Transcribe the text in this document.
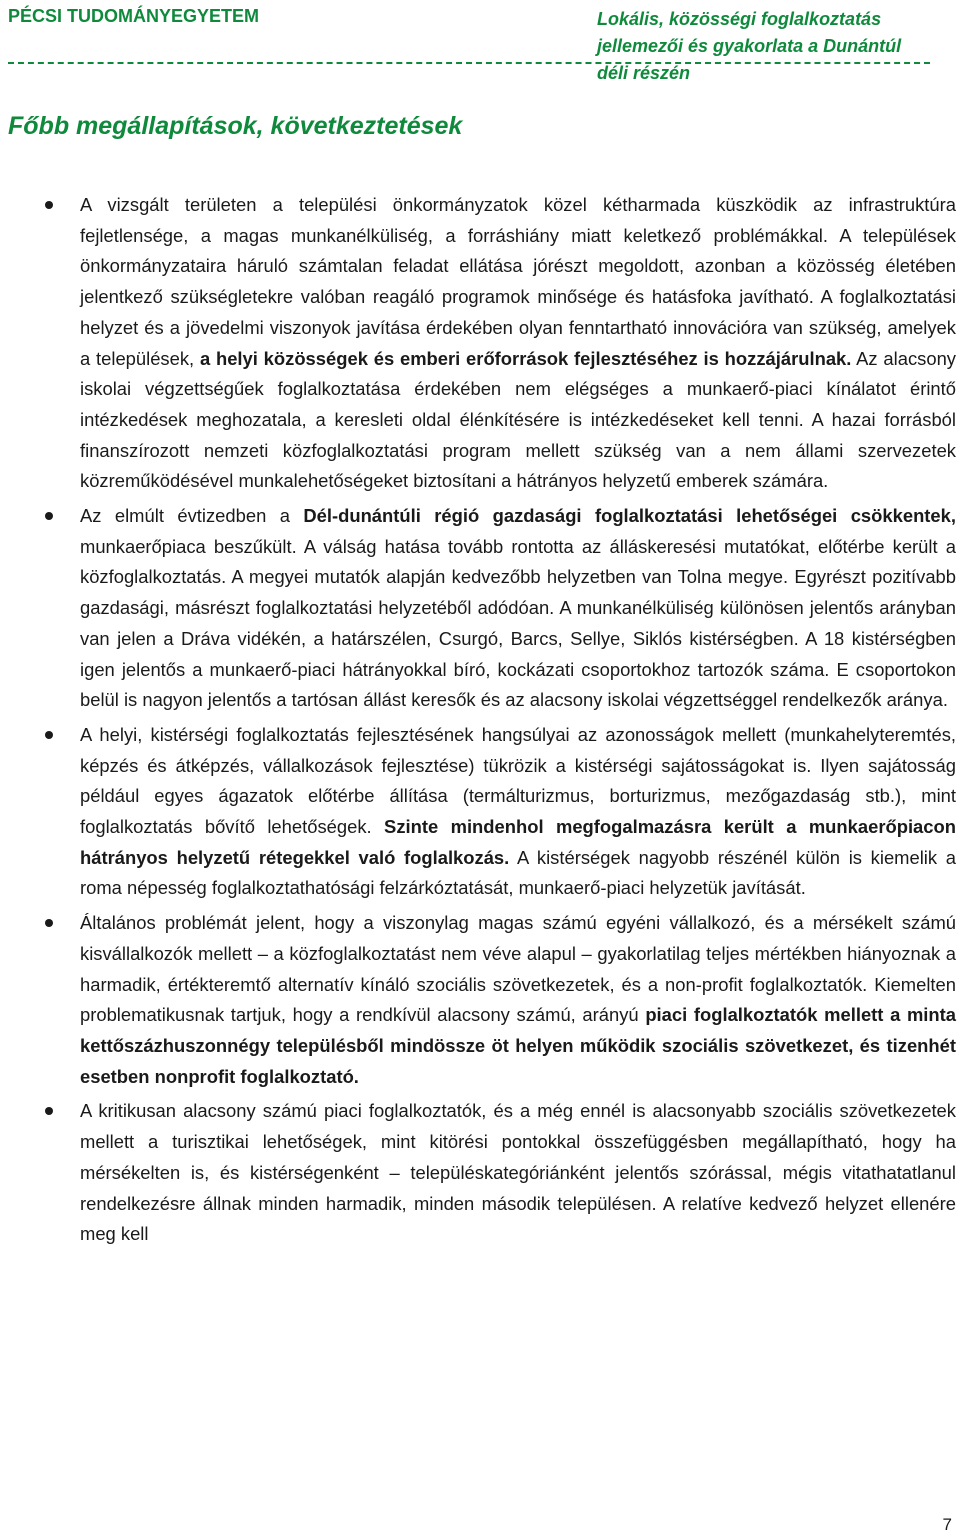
PÉCSI TUDOMÁNYEGYETEM	Lokális, közösségi foglalkoztatás jellemezői és gyakorlata a Dunántúl déli részén
Főbb megállapítások, következtetések
A vizsgált területen a települési önkormányzatok közel kétharmada küszködik az infrastruktúra fejletlensége, a magas munkanélküliség, a forráshiány miatt keletkező problémákkal. A települések önkormányzataira háruló számtalan feladat ellátása jórészt megoldott, azonban a közösség életében jelentkező szükségletekre valóban reagáló programok minősége és hatásfoka javítható. A foglalkoztatási helyzet és a jövedelmi viszonyok javítása érdekében olyan fenntartható innovációra van szükség, amelyek a települések, a helyi közösségek és emberi erőforrások fejlesztéséhez is hozzájárulnak. Az alacsony iskolai végzettségűek foglalkoztatása érdekében nem elégséges a munkaerő-piaci kínálatot érintő intézkedések meghozatala, a keresleti oldal élénkítésére is intézkedéseket kell tenni. A hazai forrásból finanszírozott nemzeti közfoglalkoztatási program mellett szükség van a nem állami szervezetek közreműködésével munkalehetőségeket biztosítani a hátrányos helyzetű emberek számára.
Az elmúlt évtizedben a Dél-dunántúli régió gazdasági foglalkoztatási lehetőségei csökkentek, munkaerőpiaca beszűkült. A válság hatása tovább rontotta az álláskeresési mutatókat, előtérbe került a közfoglalkoztatás. A megyei mutatók alapján kedvezőbb helyzetben van Tolna megye. Egyrészt pozitívabb gazdasági, másrészt foglalkoztatási helyzetéből adódóan. A munkanélküliség különösen jelentős arányban van jelen a Dráva vidékén, a határszélen, Csurgó, Barcs, Sellye, Siklós kistérségben. A 18 kistérségben igen jelentős a munkaerő-piaci hátrányokkal bíró, kockázati csoportokhoz tartozók száma. E csoportokon belül is nagyon jelentős a tartósan állást keresők és az alacsony iskolai végzettséggel rendelkezők aránya.
A helyi, kistérségi foglalkoztatás fejlesztésének hangsúlyai az azonosságok mellett (munkahelyteremtés, képzés és átképzés, vállalkozások fejlesztése) tükrözik a kistérségi sajátosságokat is. Ilyen sajátosság például egyes ágazatok előtérbe állítása (termálturizmus, borturizmus, mezőgazdaság stb.), mint foglalkoztatás bővítő lehetőségek. Szinte mindenhol megfogalmazásra került a munkaerőpiacon hátrányos helyzetű rétegekkel való foglalkozás. A kistérségek nagyobb részénél külön is kiemelik a roma népesség foglalkoztathatósági felzárkóztatását, munkaerő-piaci helyzetük javítását.
Általános problémát jelent, hogy a viszonylag magas számú egyéni vállalkozó, és a mérsékelt számú kisvállalkozók mellett – a közfoglalkoztatást nem véve alapul – gyakorlatilag teljes mértékben hiányoznak a harmadik, értékteremtő alternatív kínáló szociális szövetkezetek, és a non-profit foglalkoztatók. Kiemelten problematikusnak tartjuk, hogy a rendkívül alacsony számú, arányú piaci foglalkoztatók mellett a minta kettőszázhuszonnégy településből mindössze öt helyen működik szociális szövetkezet, és tizenhét esetben nonprofit foglalkoztató.
A kritikusan alacsony számú piaci foglalkoztatók, és a még ennél is alacsonyabb szociális szövetkezetek mellett a turisztikai lehetőségek, mint kitörési pontokkal összefüggésben megállapítható, hogy ha mérsékelten is, és kistérségenként – településkategóriánként jelentős szórással, mégis vitathatatlanul rendelkezésre állnak minden harmadik, minden második településen. A relatíve kedvező helyzet ellenére meg kell
7
